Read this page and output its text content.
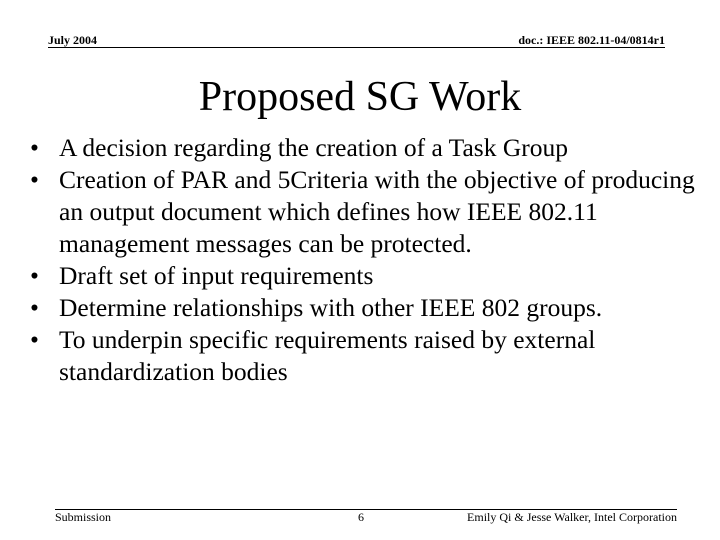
July 2004	doc.: IEEE 802.11-04/0814r1
Proposed SG Work
• A decision regarding the creation of a Task Group
• Creation of PAR and 5Criteria with the objective of producing an output document which defines how IEEE 802.11 management messages can be protected.
• Draft set of input requirements
• Determine relationships with other IEEE 802 groups.
• To underpin specific requirements raised by external standardization bodies
Submission	6	Emily Qi & Jesse Walker, Intel Corporation
